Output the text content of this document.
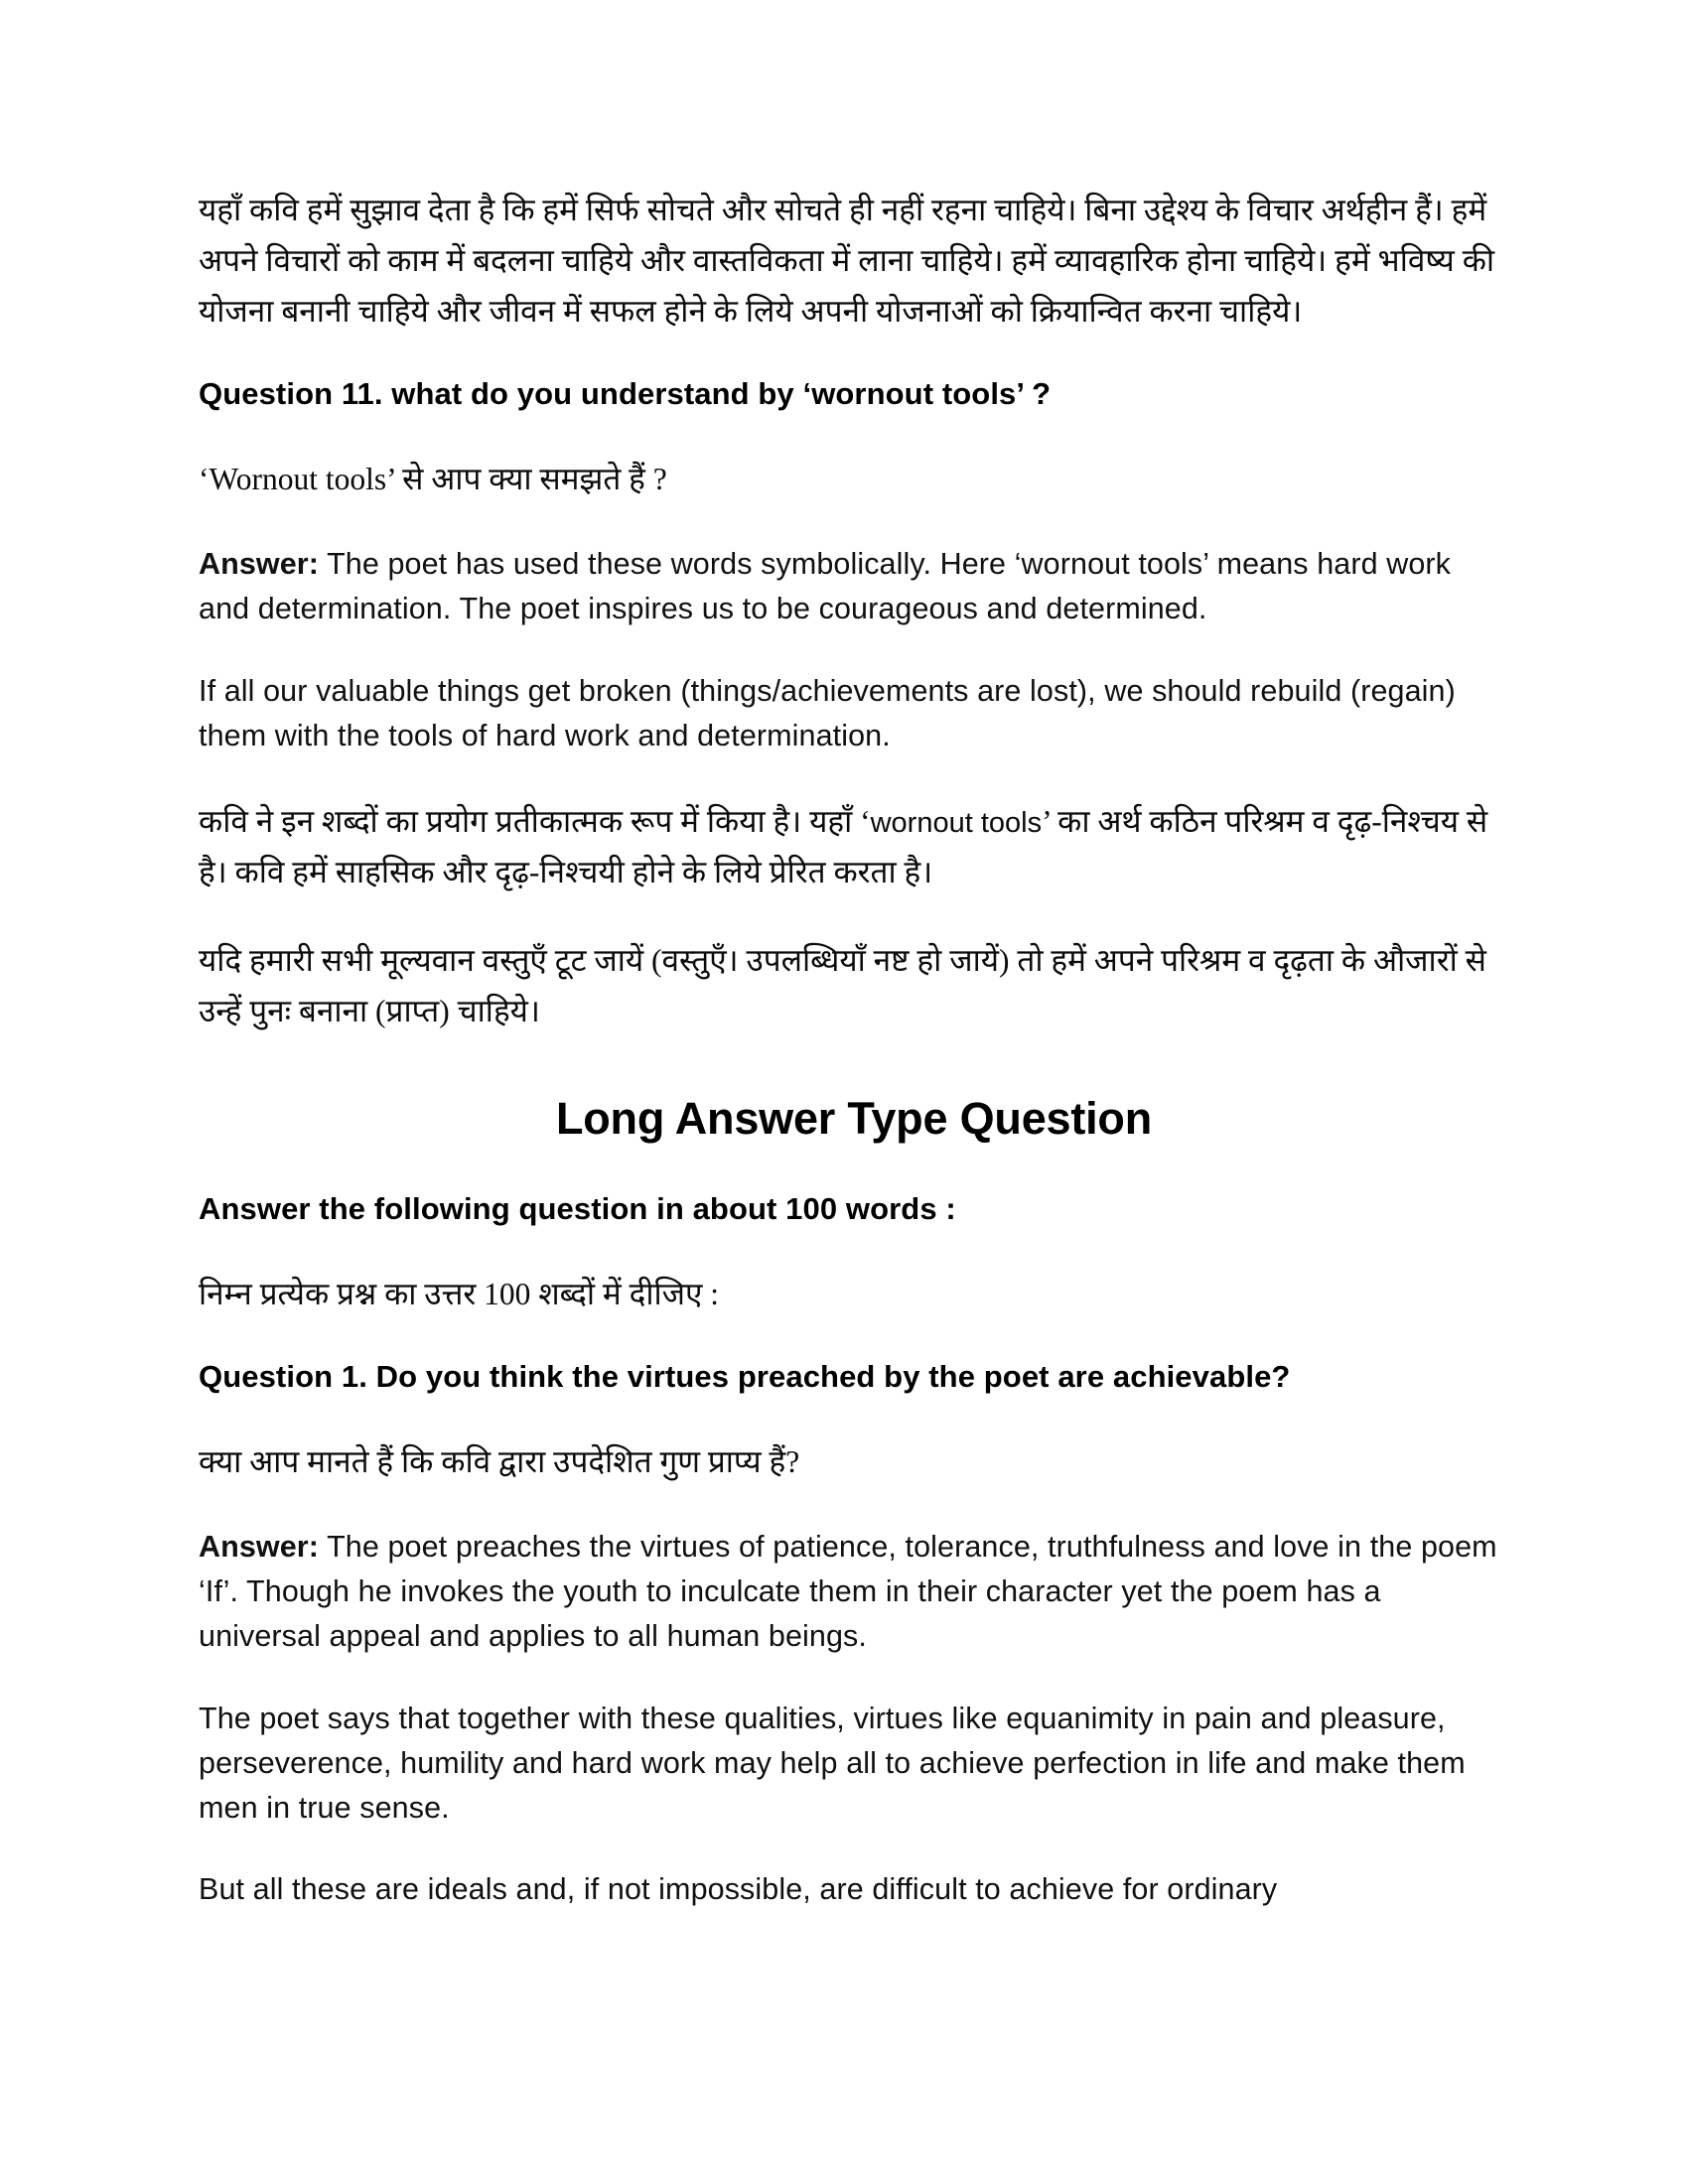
यहाँ कवि हमें सुझाव देता है कि हमें सिर्फ सोचते और सोचते ही नहीं रहना चाहिये। बिना उद्देश्य के विचार अर्थहीन हैं। हमें अपने विचारों को काम में बदलना चाहिये और वास्तविकता में लाना चाहिये। हमें व्यावहारिक होना चाहिये। हमें भविष्य की योजना बनानी चाहिये और जीवन में सफल होने के लिये अपनी योजनाओं को क्रियान्वित करना चाहिये।

Question 11. what do you understand by ‘wornout tools’ ?

‘Wornout tools’ से आप क्या समझते हैं ?

Answer: The poet has used these words symbolically. Here ‘wornout tools’ means hard work and determination. The poet inspires us to be courageous and determined.

If all our valuable things get broken (things/achievements are lost), we should rebuild (regain) them with the tools of hard work and determination.

कवि ने इन शब्दों का प्रयोग प्रतीकात्मक रूप में किया है। यहाँ ‘wornout tools’ का अर्थ कठिन परिश्रम व दृढ़-निश्चय से है। कवि हमें साहसिक और दृढ़-निश्चयी होने के लिये प्रेरित करता है।

यदि हमारी सभी मूल्यवान वस्तुएँ टूट जायें (वस्तुएँ। उपलब्धियाँ नष्ट हो जायें) तो हमें अपने परिश्रम व दृढ़ता के औजारों से उन्हें पुनः बनाना (प्राप्त) चाहिये।

Long Answer Type Question

Answer the following question in about 100 words :

निम्न प्रत्येक प्रश्न का उत्तर 100 शब्दों में दीजिए :

Question 1. Do you think the virtues preached by the poet are achievable?

क्या आप मानते हैं कि कवि द्वारा उपदेशित गुण प्राप्य हैं?

Answer: The poet preaches the virtues of patience, tolerance, truthfulness and love in the poem ‘If’. Though he invokes the youth to inculcate them in their character yet the poem has a universal appeal and applies to all human beings.

The poet says that together with these qualities, virtues like equanimity in pain and pleasure, perseverence, humility and hard work may help all to achieve perfection in life and make them men in true sense.

But all these are ideals and, if not impossible, are difficult to achieve for ordinary
